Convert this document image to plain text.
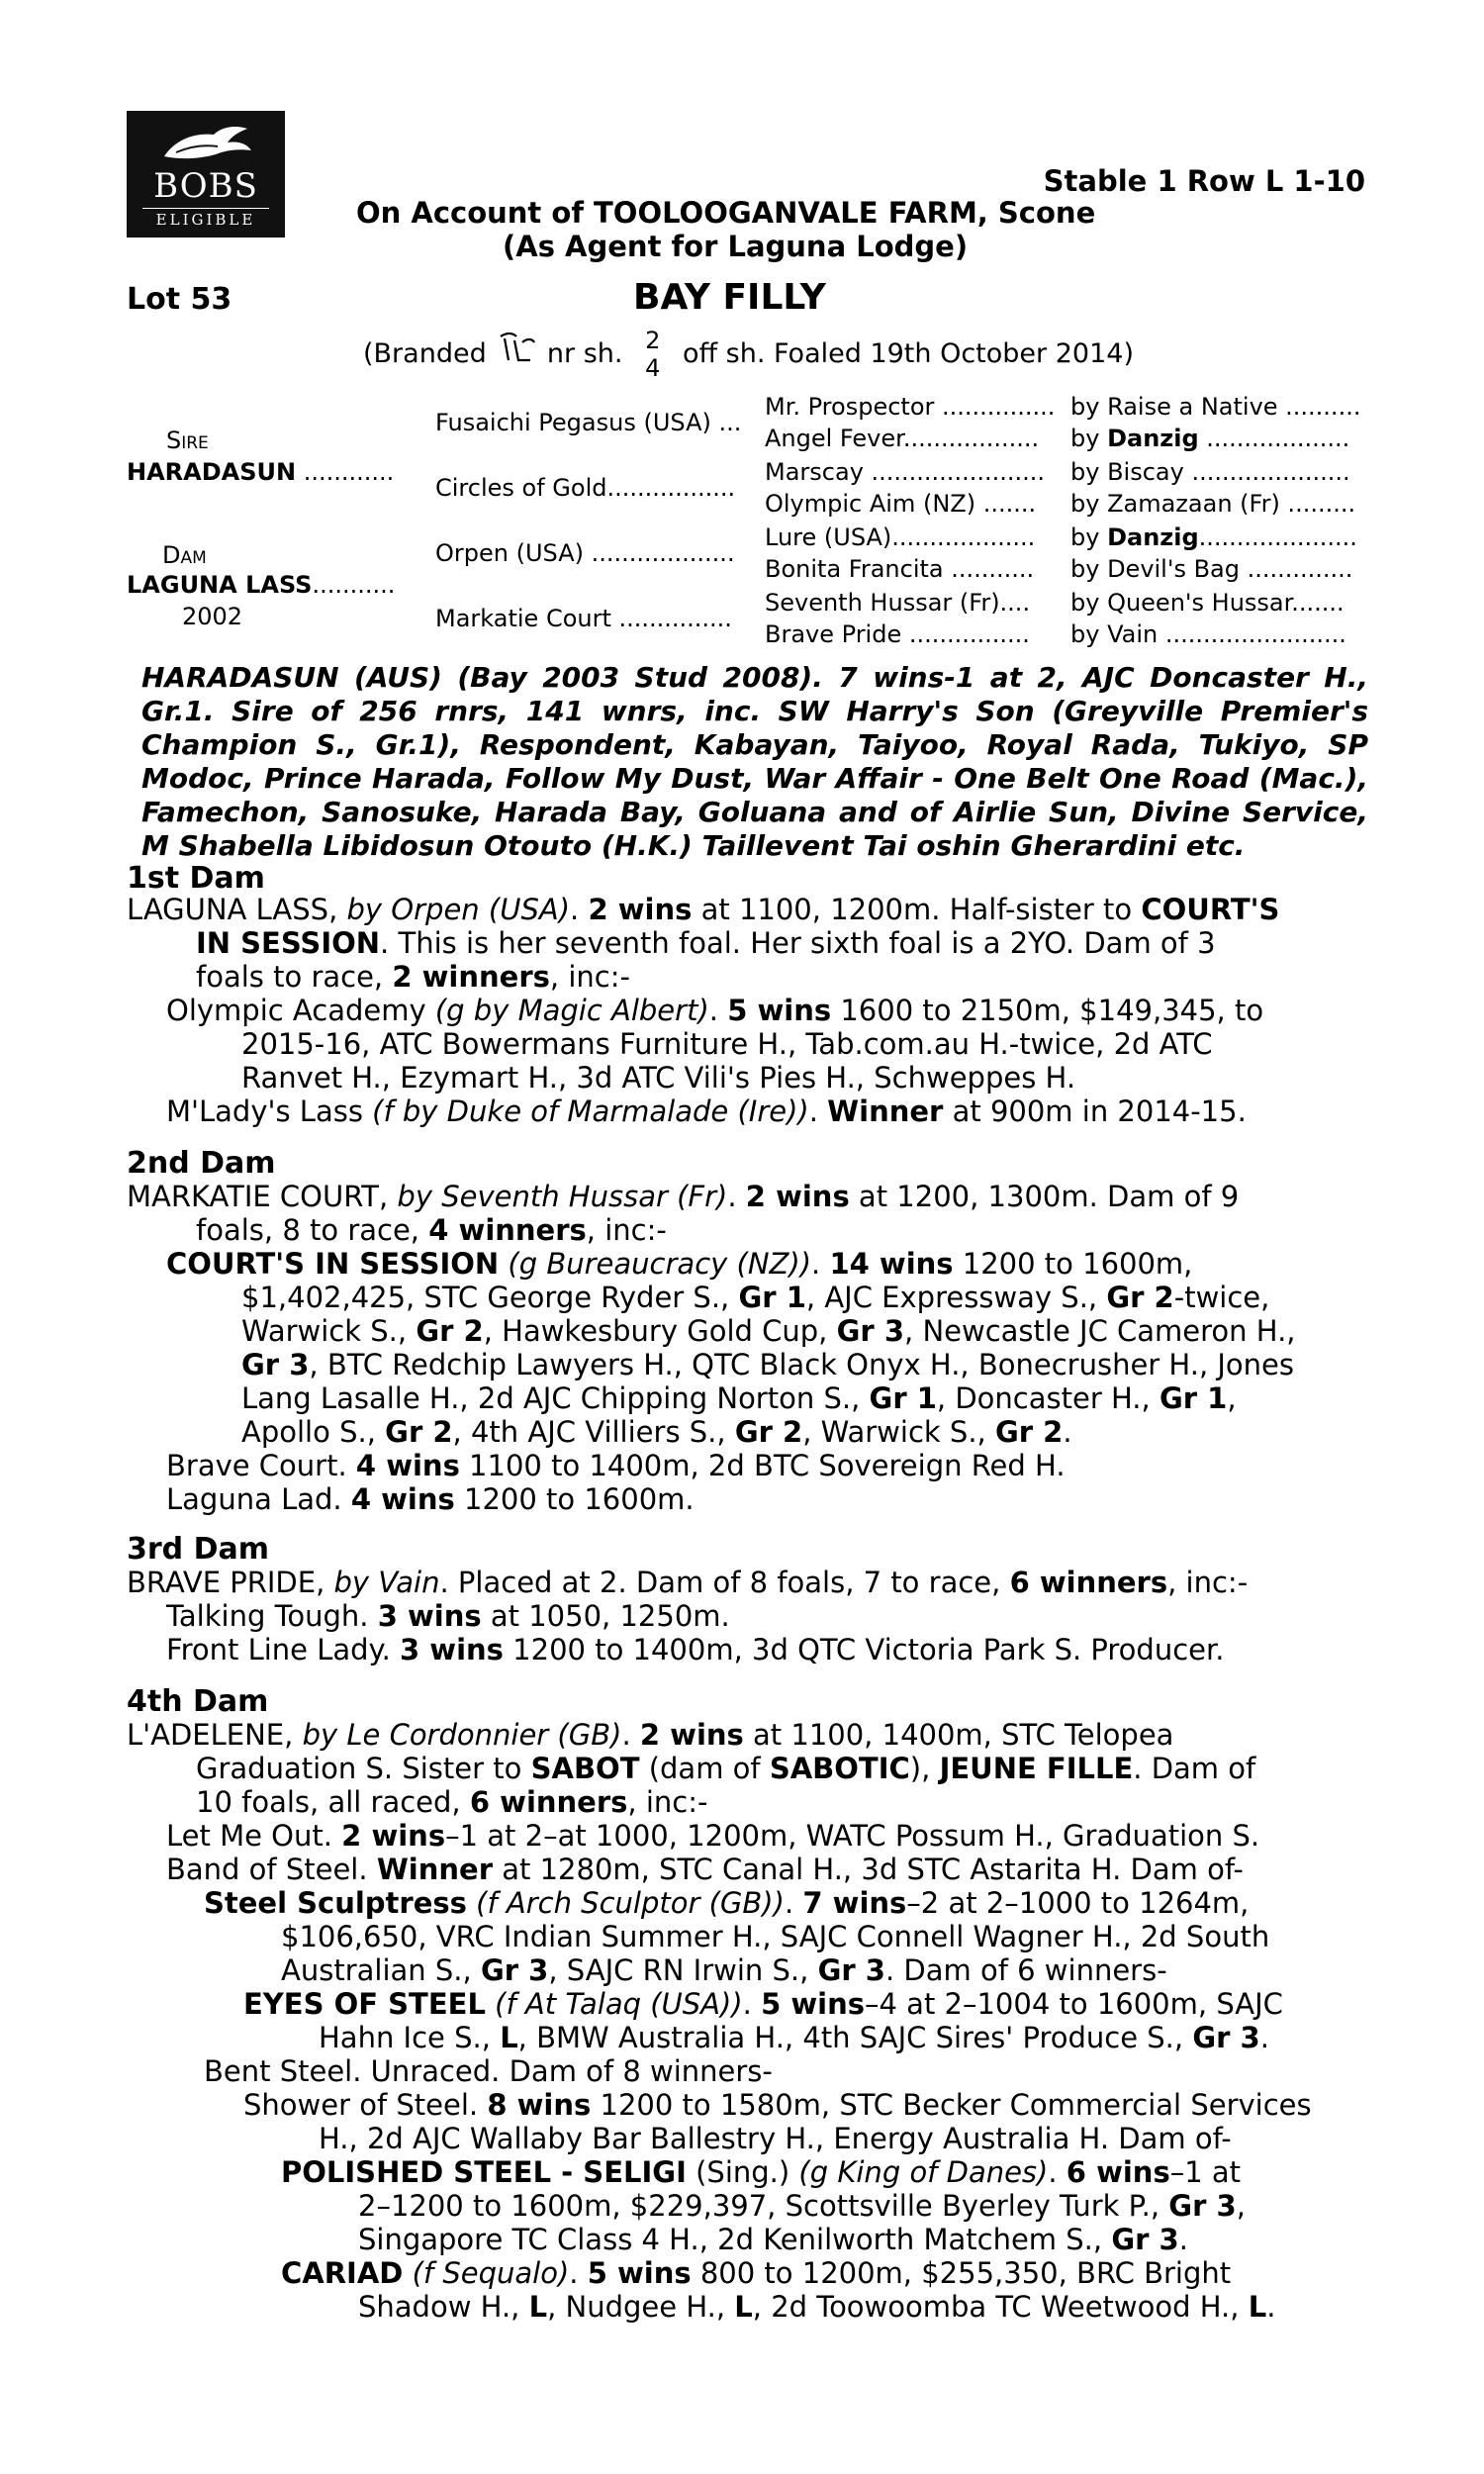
BOBS
ELIGIBLE
Stable 1 Row L 1-10
On Account of TOOLOOGANVALE FARM, Scone
(As Agent for Laguna Lodge)
Lot 53	BAY FILLY
(Branded nr sh. 2
4 off sh. Foaled 19th October 2014)
Sire
HARADASUN ............
Dam
LAGUNA LASS...........
2002
Fusaichi Pegasus (USA) ...
Circles of Gold.................
Orpen (USA) ...................
Markatie Court ...............
Mr. Prospector ............... by Raise a Native ..........
Angel Fever.................. by Danzig ...................
Marscay ....................... by Biscay .....................
Olympic Aim (NZ) ....... by Zamazaan (Fr) .........
Lure (USA)................... by Danzig.....................
Bonita Francita ........... by Devil's Bag ..............
Seventh Hussar (Fr).... by Queen's Hussar.......
Brave Pride ................ by Vain ........................
HARADASUN (AUS) (Bay 2003 Stud 2008). 7 wins-1 at 2, AJC Doncaster H., Gr.1. Sire of 256 rnrs, 141 wnrs, inc. SW Harry's Son (Greyville Premier's Champion S., Gr.1), Respondent, Kabayan, Taiyoo, Royal Rada, Tukiyo, SP Modoc, Prince Harada, Follow My Dust, War Affair - One Belt One Road (Mac.), Famechon, Sanosuke, Harada Bay, Goluana and of Airlie Sun, Divine Service, M Shabella Libidosun Otouto (H.K.) Taillevent Tai oshin Gherardini etc.
1st Dam
LAGUNA LASS, by Orpen (USA). 2 wins at 1100, 1200m. Half-sister to COURT'S
IN SESSION. This is her seventh foal. Her sixth foal is a 2YO. Dam of 3
foals to race, 2 winners, inc:-
Olympic Academy (g by Magic Albert). 5 wins 1600 to 2150m, $149,345, to
2015-16, ATC Bowermans Furniture H., Tab.com.au H.-twice, 2d ATC
Ranvet H., Ezymart H., 3d ATC Vili's Pies H., Schweppes H.
M'Lady's Lass (f by Duke of Marmalade (Ire)). Winner at 900m in 2014-15.
2nd Dam
MARKATIE COURT, by Seventh Hussar (Fr). 2 wins at 1200, 1300m. Dam of 9
foals, 8 to race, 4 winners, inc:-
COURT'S IN SESSION (g Bureaucracy (NZ)). 14 wins 1200 to 1600m,
$1,402,425, STC George Ryder S., Gr 1, AJC Expressway S., Gr 2-twice,
Warwick S., Gr 2, Hawkesbury Gold Cup, Gr 3, Newcastle JC Cameron H.,
Gr 3, BTC Redchip Lawyers H., QTC Black Onyx H., Bonecrusher H., Jones
Lang Lasalle H., 2d AJC Chipping Norton S., Gr 1, Doncaster H., Gr 1,
Apollo S., Gr 2, 4th AJC Villiers S., Gr 2, Warwick S., Gr 2.
Brave Court. 4 wins 1100 to 1400m, 2d BTC Sovereign Red H.
Laguna Lad. 4 wins 1200 to 1600m.
3rd Dam
BRAVE PRIDE, by Vain. Placed at 2. Dam of 8 foals, 7 to race, 6 winners, inc:-
Talking Tough. 3 wins at 1050, 1250m.
Front Line Lady. 3 wins 1200 to 1400m, 3d QTC Victoria Park S. Producer.
4th Dam
L'ADELENE, by Le Cordonnier (GB). 2 wins at 1100, 1400m, STC Telopea
Graduation S. Sister to SABOT (dam of SABOTIC), JEUNE FILLE. Dam of
10 foals, all raced, 6 winners, inc:-
Let Me Out. 2 wins–1 at 2–at 1000, 1200m, WATC Possum H., Graduation S.
Band of Steel. Winner at 1280m, STC Canal H., 3d STC Astarita H. Dam of-
Steel Sculptress (f Arch Sculptor (GB)). 7 wins–2 at 2–1000 to 1264m,
$106,650, VRC Indian Summer H., SAJC Connell Wagner H., 2d South
Australian S., Gr 3, SAJC RN Irwin S., Gr 3. Dam of 6 winners-
EYES OF STEEL (f At Talaq (USA)). 5 wins–4 at 2–1004 to 1600m, SAJC
Hahn Ice S., L, BMW Australia H., 4th SAJC Sires' Produce S., Gr 3.
Bent Steel. Unraced. Dam of 8 winners-
Shower of Steel. 8 wins 1200 to 1580m, STC Becker Commercial Services
H., 2d AJC Wallaby Bar Ballestry H., Energy Australia H. Dam of-
POLISHED STEEL - SELIGI (Sing.) (g King of Danes). 6 wins–1 at
2–1200 to 1600m, $229,397, Scottsville Byerley Turk P., Gr 3,
Singapore TC Class 4 H., 2d Kenilworth Matchem S., Gr 3.
CARIAD (f Sequalo). 5 wins 800 to 1200m, $255,350, BRC Bright
Shadow H., L, Nudgee H., L, 2d Toowoomba TC Weetwood H., L.
